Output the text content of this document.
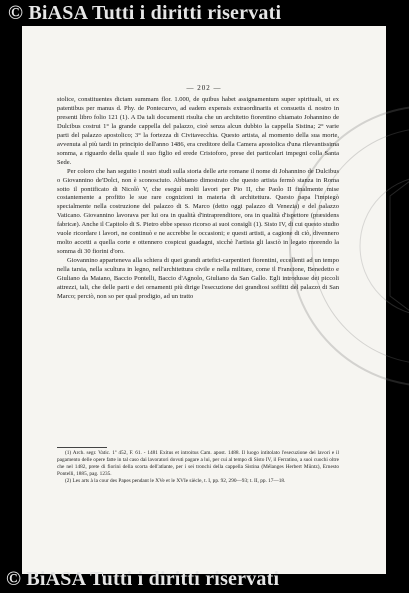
© BiASA Tutti i diritti riservati
— 202 —

stolice, constituentes dictam summam flor. 1.000, de quibus habet assignamentum super spirituali, ut ex patentibus per manus d. Phy. de Pontecurvo, ad eadem expensis extraordinariis et consuetis d. nostro in presenti libro folio 121 (1). A Da tali documenti risulta che un architetto fiorentino chiamato Johannino de Dulcibus costrui 1° la grande cappella del palazzo, cioè senza alcun dubbio la cappella Sistina; 2° varie parti del palazzo apostolico; 3° la fortezza di Civitavecchia. Questo artista, al momento della sua morte, avvenuta al più tardi in principio dell'anno 1486, era creditore della Camera apostolica d'una rilevantissima somma, a riguardo della quale il suo figlio ed erede Cristoforo, prese dei particolari impegni colla Santa Sede.

Per coloro che han seguito i nostri studi sulla storia delle arte romane il nome di Johannino de Dulcibus o Giovannino de'Dolci, non è sconosciuto. Abbiamo dimostrato che questo artista fermò stanza in Roma sotto il pontificato di Nicolò V, che eseguì molti lavori per Pio II, che Paolo II finalmente mise costantemente a profitto le sue rare cognizioni in materia di architettura. Questo papa l'impiegò specialmente nella costruzione del palazzo di S. Marco (detto oggi palazzo di Venezia) e del palazzo Vaticano. Giovannino lavorava per lui ora in qualità d'intraprenditore, ora in qualità d'ispettore (præsidens fabricæ). Anche il Capitolo di S. Pietro ebbe spesso ricorso ai suoi consigli (1). Sisto IV, di cui questo studio vuole ricordare i lavori, ne continuò e ne accrebbe le occasioni; e questi artisti, a cagione di ciò, divennero molto accetti a quella corte e ottennero cospicui guadagni, sicchè l'artista gli lasciò in legato morendo la somma di 30 fiorini d'oro.

Giovannino apparteneva alla schiera di quei grandi artefici-carpentieri fiorentini, eccellenti ad un tempo nella tarsia, nella scultura in legno, nell'architettura civile e nella militare, come il Francione, Benedetto e Giuliano da Maiano, Baccio Pontelli, Baccio d'Agnolo, Giuliano da San Gallo. Egli introdusse dei piccoli attrezzi, tali, che delle parti e dei ornamenti più dirige l'esecuzione dei grandiosi soffitti del palazzo di San Marco; perciò, non so per qual prodigio, ad un tratto

(1) Arch. segr. Vatic. 1º 452, F. 61. - 1481 Exitus et introitus Cam. apost. 1488. Il luogo intitolato l'esecuzione dei lavori e il pagamento delle opere fatte in tal caso dai lavoratori dovuti pagare a lui, per cui al tempo di Sisto IV, il Ferratino, a suoi cuochi oltre che nel 1482, prete di fiorini della scorta dell'atlante, per i sei tronchi della cappella Sistina (Mélanges Herbert Müntz), Ernesto Pontelli, 1885, pag. 1235.

(2) Les arts à la cour des Papes pendant le XVe et le XVIe siècle, t. I, pp. 92, 290—93; t. II, pp. 17—18.

© BiASA Tutti i diritti riservati
